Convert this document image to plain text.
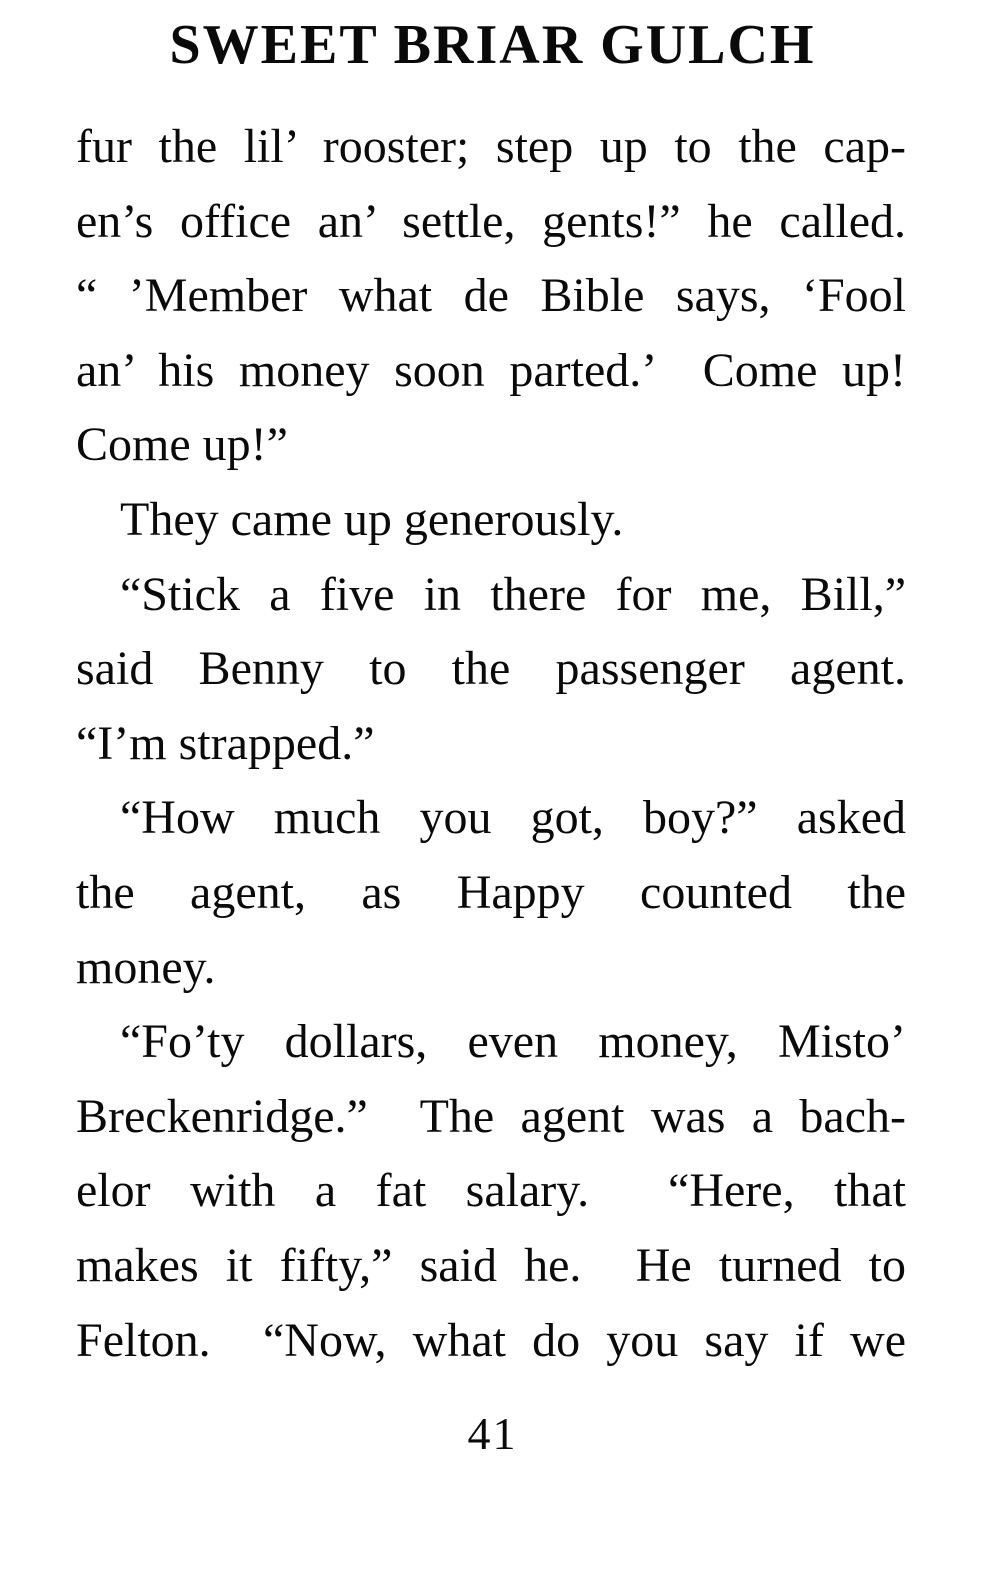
SWEET BRIAR GULCH
fur the lil’ rooster; step up to the cap-
en’s office an’ settle, gents!” he called.
“ ’Member what de Bible says, ‘Fool
an’ his money soon parted.’  Come up!
Come up!”
They came up generously.
“Stick a five in there for me, Bill,”
said Benny to the passenger agent.
“I’m strapped.”
“How much you got, boy?” asked
the agent, as Happy counted the
money.
“Fo’ty dollars, even money, Misto’
Breckenridge.”  The agent was a bach-
elor with a fat salary.  “Here, that
makes it fifty,” said he.  He turned to
Felton.  “Now, what do you say if we
41
